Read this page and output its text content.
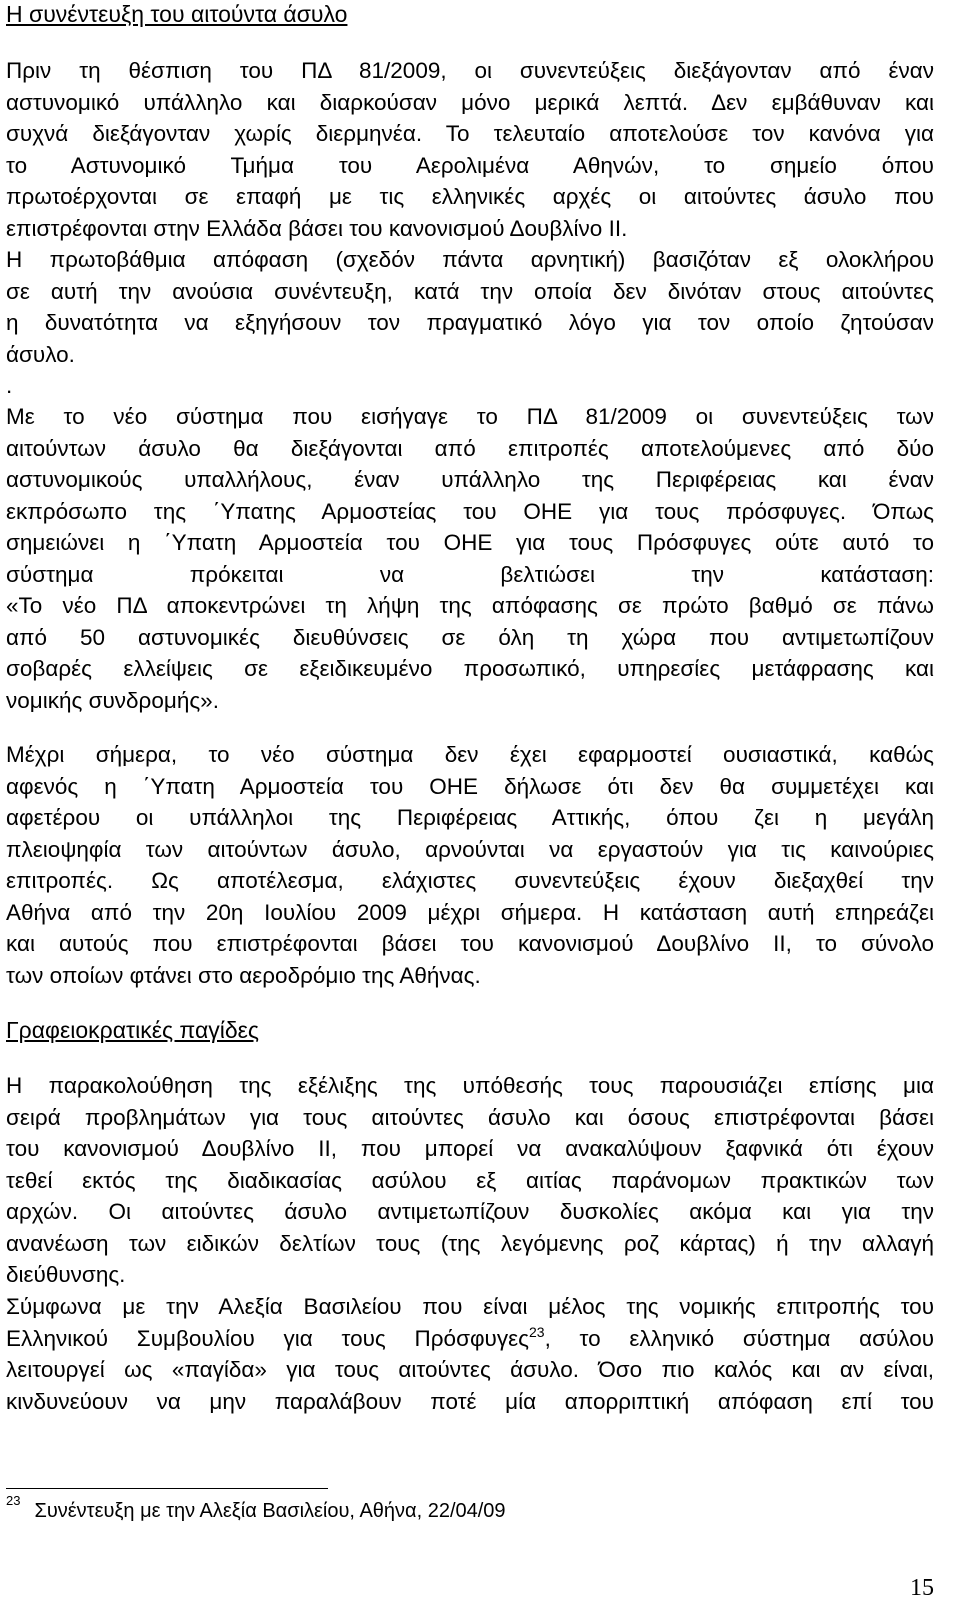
Η συνέντευξη του αιτούντα άσυλο
Πριν τη θέσπιση του ΠΔ 81/2009, οι συνεντεύξεις διεξάγονταν από έναν
αστυνομικό υπάλληλο και διαρκούσαν μόνο μερικά λεπτά. Δεν εμβάθυναν και
συχνά διεξάγονταν χωρίς διερμηνέα. Το τελευταίο αποτελούσε τον κανόνα για
το Αστυνομικό Τμήμα του Αερολιμένα Αθηνών, το σημείο όπου
πρωτοέρχονται σε επαφή με τις ελληνικές αρχές οι αιτούντες άσυλο που
επιστρέφονται στην Ελλάδα βάσει του κανονισμού Δουβλίνο ΙΙ.
Η πρωτοβάθμια απόφαση (σχεδόν πάντα αρνητική) βασιζόταν εξ ολοκλήρου
σε αυτή την ανούσια συνέντευξη, κατά την οποία δεν δινόταν στους αιτούντες
η δυνατότητα να εξηγήσουν τον πραγματικό λόγο για τον οποίο ζητούσαν
άσυλο.
.
Με το νέο σύστημα που εισήγαγε το ΠΔ 81/2009 οι συνεντεύξεις των
αιτούντων άσυλο θα διεξάγονται από επιτροπές αποτελούμενες από δύο
αστυνομικούς υπαλλήλους, έναν υπάλληλο της Περιφέρειας και έναν
εκπρόσωπο της ΄Υπατης Αρμοστείας του ΟΗΕ για τους πρόσφυγες. Όπως
σημειώνει η ΄Υπατη Αρμοστεία του ΟΗΕ για τους Πρόσφυγες ούτε αυτό το
σύστημα πρόκειται να βελτιώσει την κατάσταση:
«Το νέο ΠΔ αποκεντρώνει τη λήψη της απόφασης σε πρώτο βαθμό σε πάνω
από 50 αστυνομικές διευθύνσεις σε όλη τη χώρα που αντιμετωπίζουν
σοβαρές ελλείψεις σε εξειδικευμένο προσωπικό, υπηρεσίες μετάφρασης και
νομικής συνδρομής».
Μέχρι σήμερα, το νέο σύστημα δεν έχει εφαρμοστεί ουσιαστικά, καθώς
αφενός η ΄Υπατη Αρμοστεία του ΟΗΕ δήλωσε ότι δεν θα συμμετέχει και
αφετέρου οι υπάλληλοι της Περιφέρειας Αττικής, όπου ζει η μεγάλη
πλειοψηφία των αιτούντων άσυλο, αρνούνται να εργαστούν για τις καινούριες
επιτροπές. Ως αποτέλεσμα, ελάχιστες συνεντεύξεις έχουν διεξαχθεί την
Αθήνα από την 20η Ιουλίου 2009 μέχρι σήμερα. Η κατάσταση αυτή επηρεάζει
και αυτούς που επιστρέφονται βάσει του κανονισμού Δουβλίνο ΙΙ, το σύνολο
των οποίων φτάνει στο αεροδρόμιο της Αθήνας.
Γραφειοκρατικές παγίδες
Η παρακολούθηση της εξέλιξης της υπόθεσής τους παρουσιάζει επίσης μια
σειρά προβλημάτων για τους αιτούντες άσυλο και όσους επιστρέφονται βάσει
του κανονισμού Δουβλίνο ΙΙ, που μπορεί να ανακαλύψουν ξαφνικά ότι έχουν
τεθεί εκτός της διαδικασίας ασύλου εξ αιτίας παράνομων πρακτικών των
αρχών. Οι αιτούντες άσυλο αντιμετωπίζουν δυσκολίες ακόμα και για την
ανανέωση των ειδικών δελτίων τους (της λεγόμενης ροζ κάρτας) ή την αλλαγή
διεύθυνσης.
Σύμφωνα με την Αλεξία Βασιλείου που είναι μέλος της νομικής επιτροπής του
Ελληνικού Συμβουλίου για τους Πρόσφυγες$^{23}$, το ελληνικό σύστημα ασύλου
λειτουργεί ως «παγίδα» για τους αιτούντες άσυλο. Όσο πιο καλός και αν είναι,
κινδυνεύουν να μην παραλάβουν ποτέ μία απορριπτική απόφαση επί του
$^{23}$ Συνέντευξη με την Αλεξία Βασιλείου, Αθήνα, 22/04/09
15
